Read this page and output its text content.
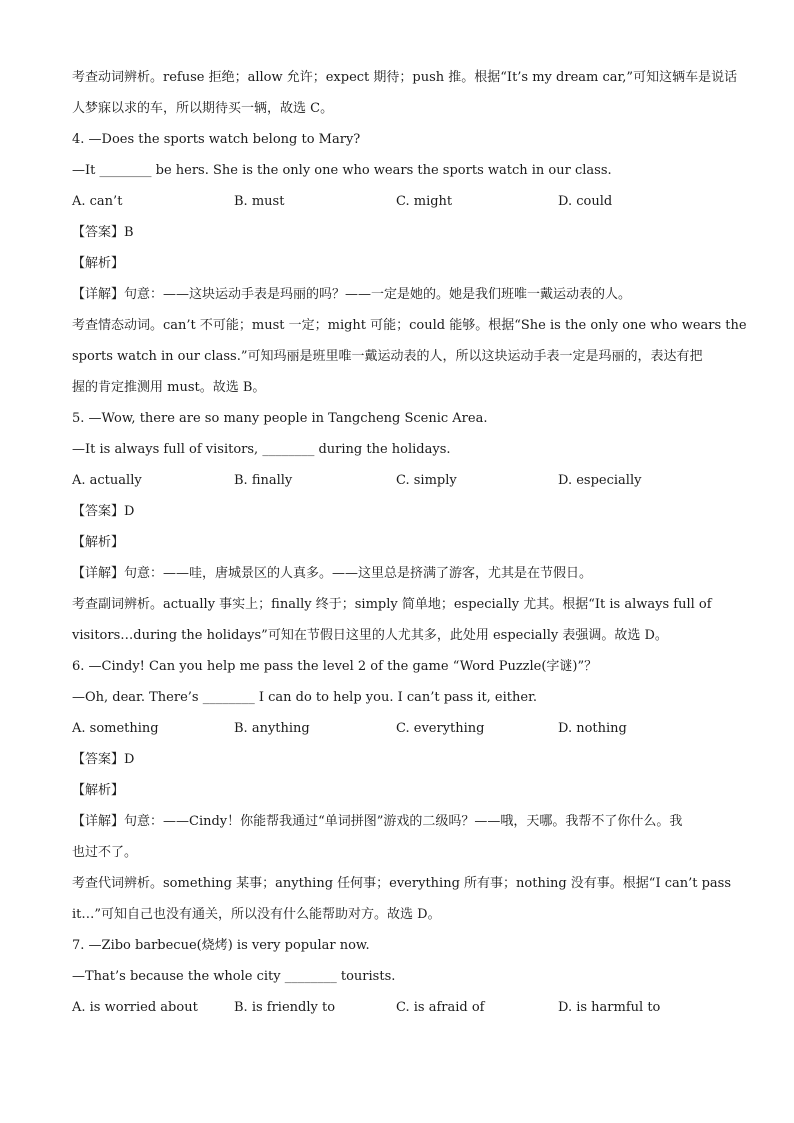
考查动词辨析。refuse 拒绝；allow 允许；expect 期待；push 推。根据“It’s my dream car,”可知这辆车是说话
人梦寐以求的车，所以期待买一辆，故选 C。
4. —Does the sports watch belong to Mary?
—It ________ be hers. She is the only one who wears the sports watch in our class.
A. can’t	B. must	C. might	D. could
【答案】B
【解析】
【详解】句意：——这块运动手表是玛丽的吗？——一定是她的。她是我们班唯一戴运动表的人。
考查情态动词。can’t 不可能；must 一定；might 可能；could 能够。根据“She is the only one who wears the
sports watch in our class.”可知玛丽是班里唯一戴运动表的人，所以这块运动手表一定是玛丽的，表达有把
握的肯定推测用 must。故选 B。
5. —Wow, there are so many people in Tangcheng Scenic Area.
—It is always full of visitors, ________ during the holidays.
A. actually	B. finally	C. simply	D. especially
【答案】D
【解析】
【详解】句意：——哇，唐城景区的人真多。——这里总是挤满了游客，尤其是在节假日。
考查副词辨析。actually 事实上；finally 终于；simply 简单地；especially 尤其。根据“It is always full of
visitors…during the holidays”可知在节假日这里的人尤其多，此处用 especially 表强调。故选 D。
6. —Cindy! Can you help me pass the level 2 of the game “Word Puzzle(字谜)”？
—Oh, dear. There’s ________ I can do to help you. I can’t pass it, either.
A. something	B. anything	C. everything	D. nothing
【答案】D
【解析】
【详解】句意：——Cindy！你能帮我通过“单词拼图”游戏的二级吗？——哦，天哪。我帮不了你什么。我
也过不了。
考查代词辨析。something 某事；anything 任何事；everything 所有事；nothing 没有事。根据“I can’t pass
it…”可知自己也没有通关，所以没有什么能帮助对方。故选 D。
7. —Zibo barbecue(烧烤) is very popular now.
—That’s because the whole city ________ tourists.
A. is worried about	B. is friendly to	C. is afraid of	D. is harmful to
